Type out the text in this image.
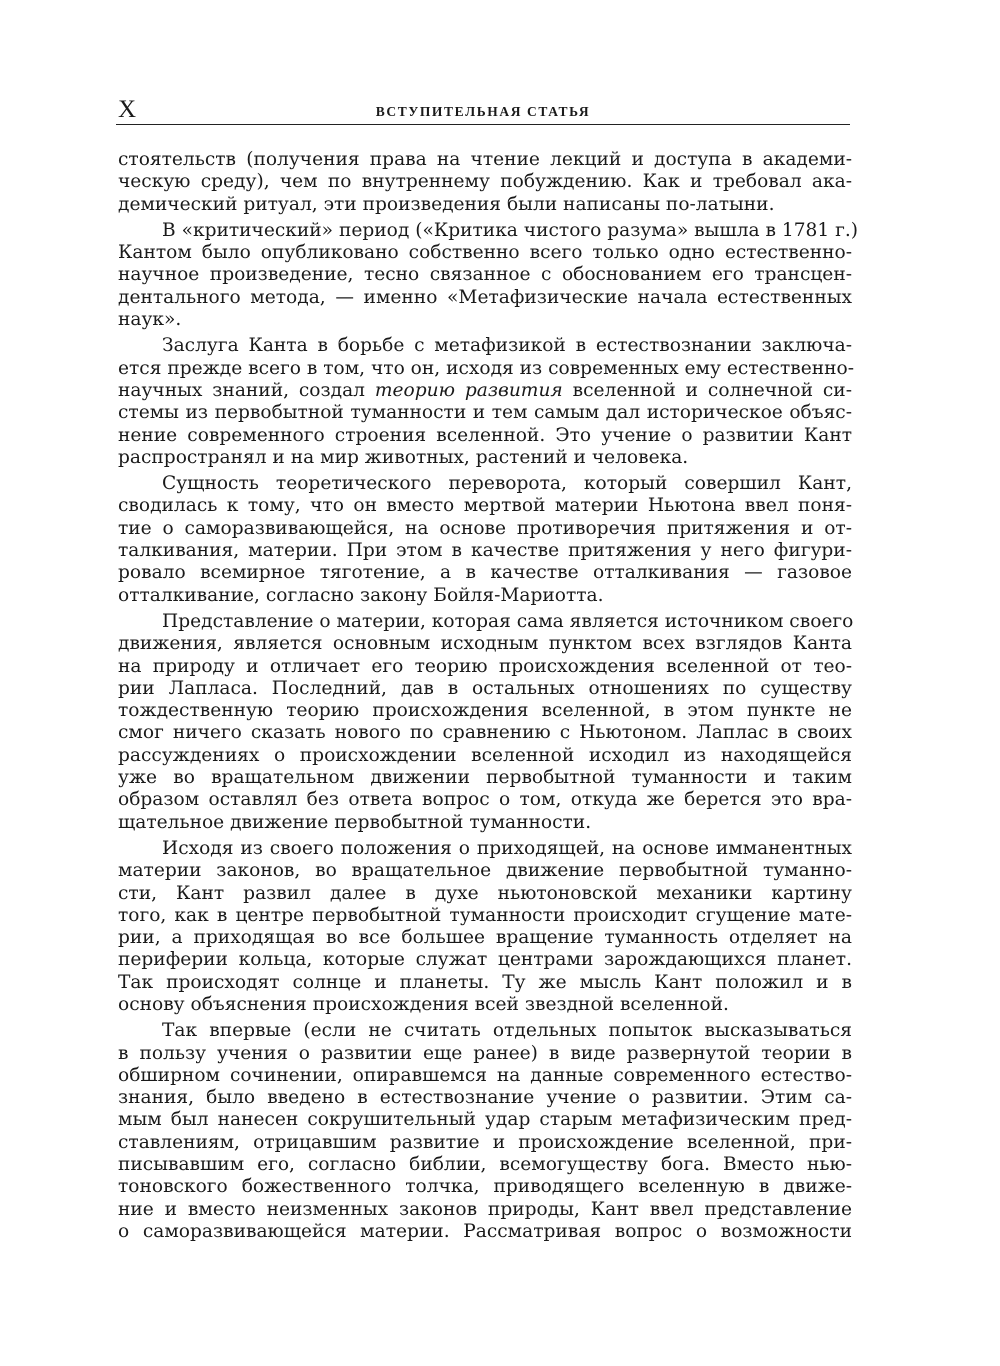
X	ВСТУПИТЕЛЬНАЯ СТАТЬЯ
стоятельств (получения права на чтение лекций и доступа в академи-
ческую среду), чем по внутреннему побуждению. Как и требовал ака-
демический ритуал, эти произведения были написаны по-латыни.
В «критический» период («Критика чистого разума» вышла в 1781 г.)
Кантом было опубликовано собственно всего только одно естественно-
научное произведение, тесно связанное с обоснованием его трансцен-
дентального метода, — именно «Метафизические начала естественных
наук».
Заслуга Канта в борьбе с метафизикой в естествознании заключа-
ется прежде всего в том, что он, исходя из современных ему естественно-
научных знаний, создал теорию развития вселенной и солнечной си-
стемы из первобытной туманности и тем самым дал историческое объяс-
нение современного строения вселенной. Это учение о развитии Кант
распространял и на мир животных, растений и человека.
Сущность теоретического переворота, который совершил Кант,
сводилась к тому, что он вместо мертвой материи Ньютона ввел поня-
тие о саморазвивающейся, на основе противоречия притяжения и от-
талкивания, материи. При этом в качестве притяжения у него фигури-
ровало всемирное тяготение, а в качестве отталкивания — газовое
отталкивание, согласно закону Бойля-Мариотта.
Представление о материи, которая сама является источником своего
движения, является основным исходным пунктом всех взглядов Канта
на природу и отличает его теорию происхождения вселенной от тео-
рии Лапласа. Последний, дав в остальных отношениях по существу
тождественную теорию происхождения вселенной, в этом пункте не
смог ничего сказать нового по сравнению с Ньютоном. Лаплас в своих
рассуждениях о происхождении вселенной исходил из находящейся
уже во вращательном движении первобытной туманности и таким
образом оставлял без ответа вопрос о том, откуда же берется это вра-
щательное движение первобытной туманности.
Исходя из своего положения о приходящей, на основе имманентных
материи законов, во вращательное движение первобытной туманно-
сти, Кант развил далее в духе ньютоновской механики картину
того, как в центре первобытной туманности происходит сгущение мате-
рии, а приходящая во все большее вращение туманность отделяет на
периферии кольца, которые служат центрами зарождающихся планет.
Так происходят солнце и планеты. Ту же мысль Кант положил и в
основу объяснения происхождения всей звездной вселенной.
Так впервые (если не считать отдельных попыток высказываться
в пользу учения о развитии еще ранее) в виде развернутой теории в
обширном сочинении, опиравшемся на данные современного естество-
знания, было введено в естествознание учение о развитии. Этим са-
мым был нанесен сокрушительный удар старым метафизическим пред-
ставлениям, отрицавшим развитие и происхождение вселенной, при-
писывавшим его, согласно библии, всемогуществу бога. Вместо нью-
тоновского божественного толчка, приводящего вселенную в движе-
ние и вместо неизменных законов природы, Кант ввел представление
о саморазвивающейся материи. Рассматривая вопрос о возможности
